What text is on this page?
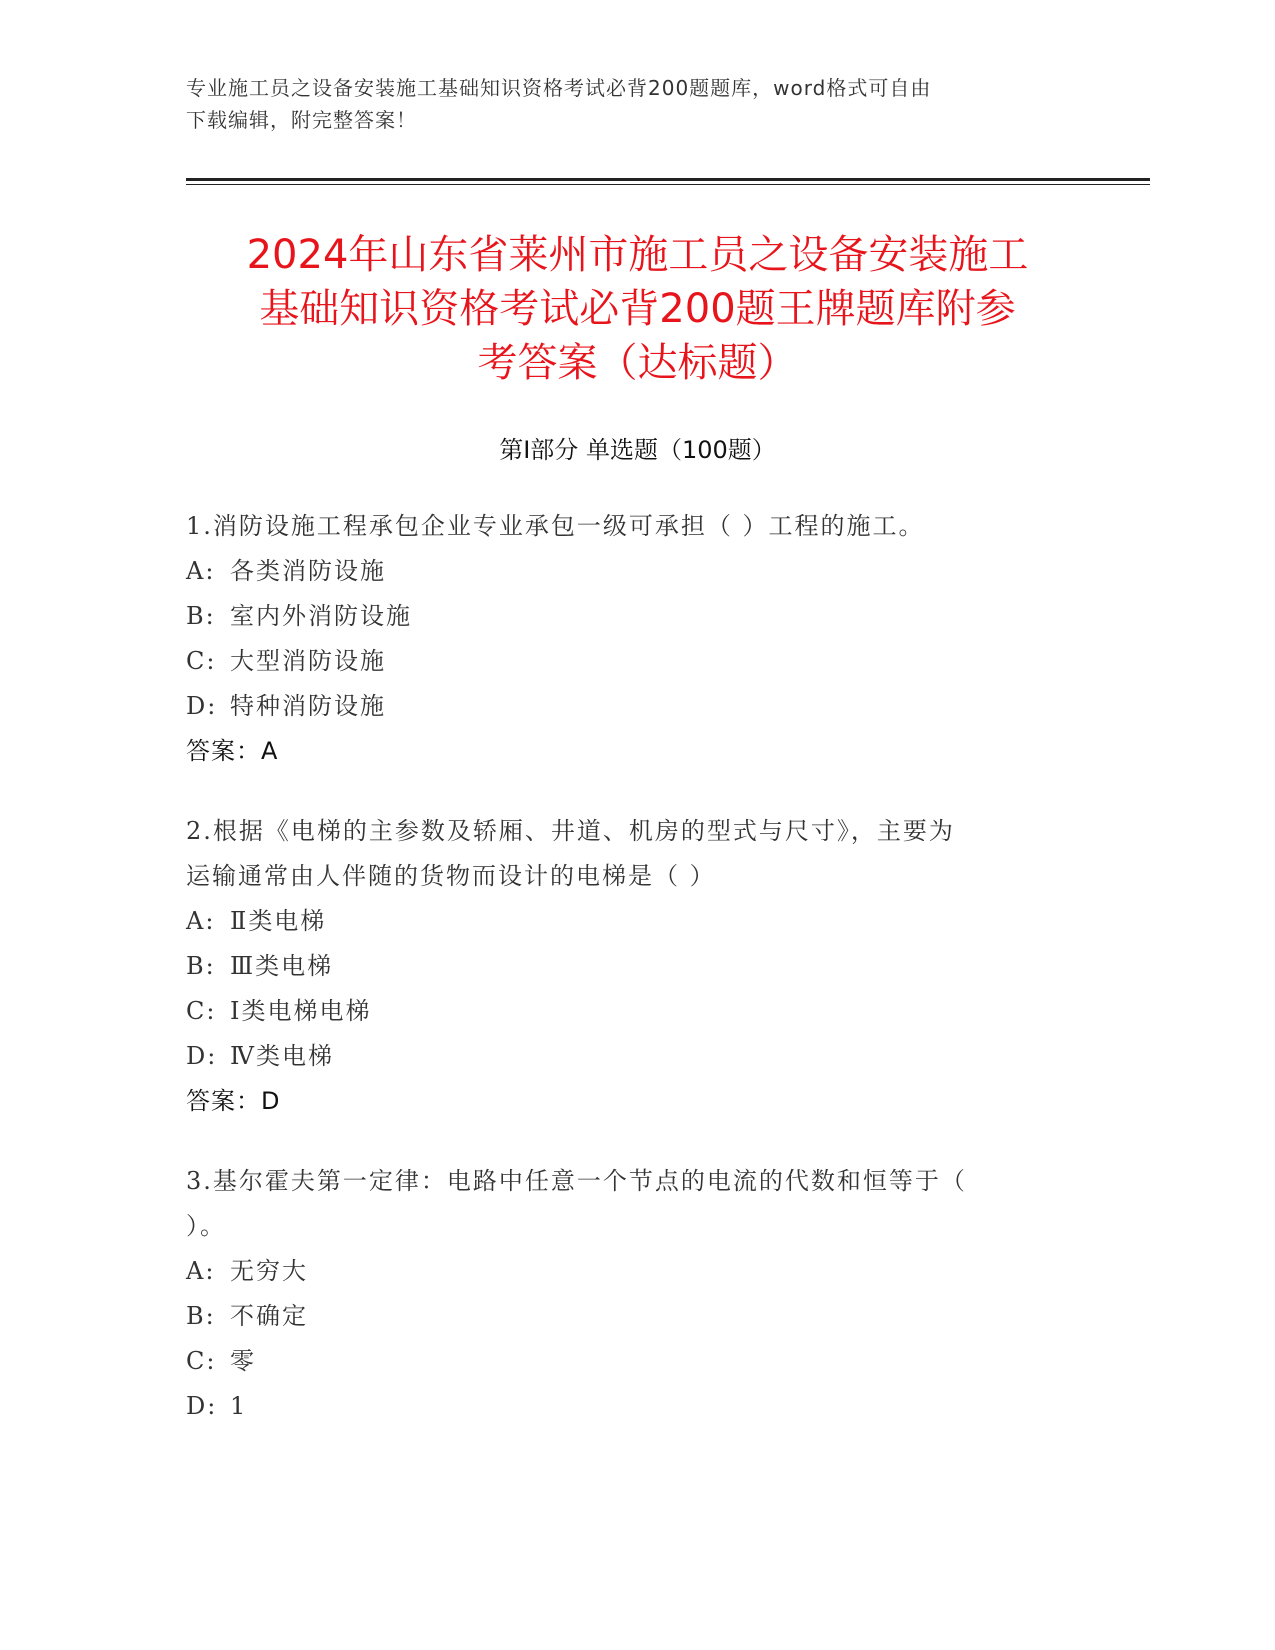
专业施工员之设备安装施工基础知识资格考试必背200题题库，word格式可自由
下载编辑，附完整答案！
2024年山东省莱州市施工员之设备安装施工
基础知识资格考试必背200题王牌题库附参
考答案（达标题）
第Ⅰ部分 单选题（100题）
1.消防设施工程承包企业专业承包一级可承担（ ）工程的施工。
A: 各类消防设施
B: 室内外消防设施
C: 大型消防设施
D: 特种消防设施
答案：A
2.根据《电梯的主参数及轿厢、井道、机房的型式与尺寸》，主要为
运输通常由人伴随的货物而设计的电梯是（ ）
A: Ⅱ类电梯
B: Ⅲ类电梯
C: Ⅰ类电梯电梯
D: Ⅳ类电梯
答案：D
3.基尔霍夫第一定律：电路中任意一个节点的电流的代数和恒等于（
）。
A: 无穷大
B: 不确定
C: 零
D: 1
